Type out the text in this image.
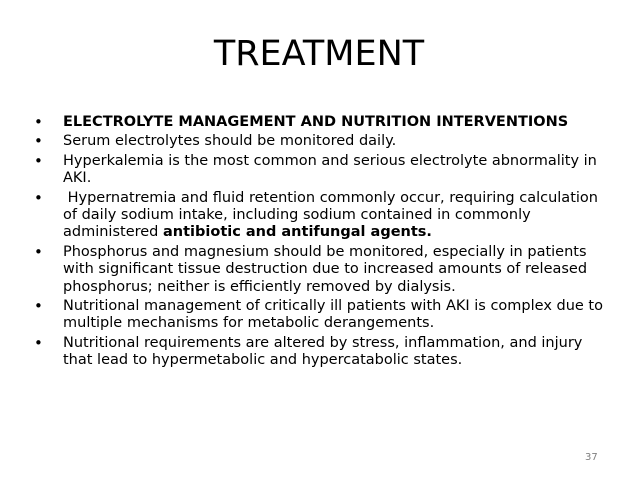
TREATMENT
• ELECTROLYTE MANAGEMENT AND NUTRITION INTERVENTIONS
• Serum electrolytes should be monitored daily.
• Hyperkalemia is the most common and serious electrolyte abnormality in AKI.
• Hypernatremia and fluid retention commonly occur, requiring calculation of daily sodium intake, including sodium contained in commonly administered antibiotic and antifungal agents.
• Phosphorus and magnesium should be monitored, especially in patients with significant tissue destruction due to increased amounts of released phosphorus; neither is efficiently removed by dialysis.
• Nutritional management of critically ill patients with AKI is complex due to multiple mechanisms for metabolic derangements.
• Nutritional requirements are altered by stress, inflammation, and injury that lead to hypermetabolic and hypercatabolic states.
37
